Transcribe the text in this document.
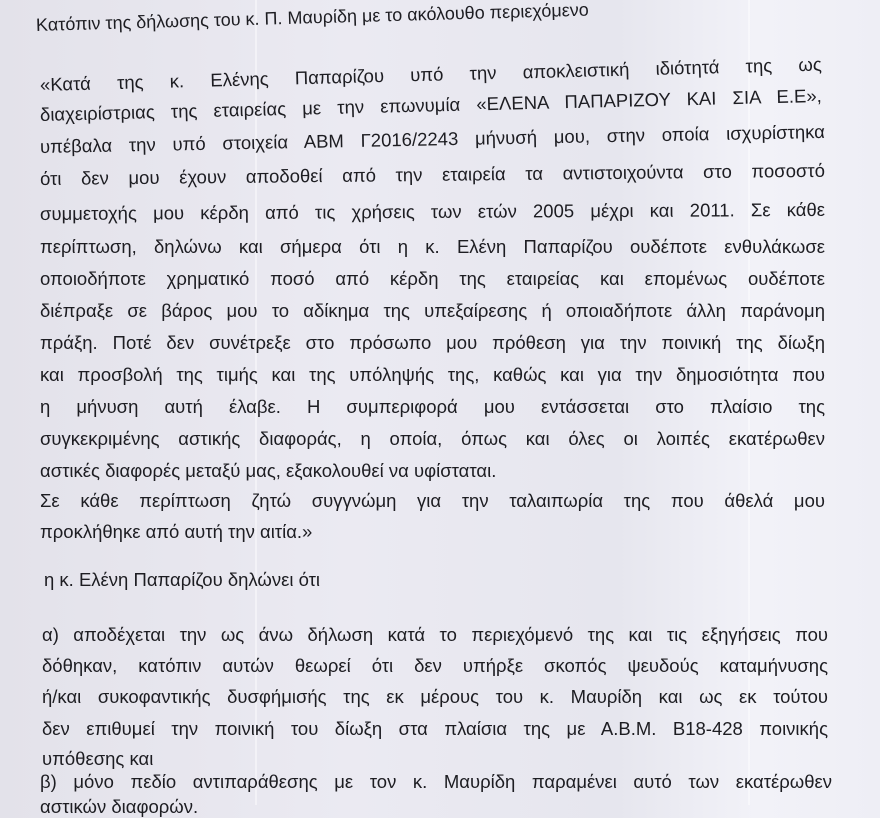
Κατόπιν της δήλωσης του κ. Π. Μαυρίδη με το ακόλουθο περιεχόμενο
«Κατά της κ. Ελένης Παπαρίζου υπό την αποκλειστική ιδιότητά της ως
διαχειρίστριας της εταιρείας με την επωνυμία «ΕΛΕΝΑ ΠΑΠΑΡΙΖΟΥ ΚΑΙ ΣΙΑ Ε.Ε»,
υπέβαλα την υπό στοιχεία ΑΒΜ Γ2016/2243 μήνυσή μου, στην οποία ισχυρίστηκα
ότι δεν μου έχουν αποδοθεί από την εταιρεία τα αντιστοιχούντα στο ποσοστό
συμμετοχής μου κέρδη από τις χρήσεις των ετών 2005 μέχρι και 2011. Σε κάθε
περίπτωση, δηλώνω και σήμερα ότι η κ. Ελένη Παπαρίζου ουδέποτε ενθυλάκωσε
οποιοδήποτε χρηματικό ποσό από κέρδη της εταιρείας και επομένως ουδέποτε
διέπραξε σε βάρος μου το αδίκημα της υπεξαίρεσης ή οποιαδήποτε άλλη παράνομη
πράξη. Ποτέ δεν συνέτρεξε στο πρόσωπο μου πρόθεση για την ποινική της δίωξη
και προσβολή της τιμής και της υπόληψής της, καθώς και για την δημοσιότητα που
η μήνυση αυτή έλαβε. Η συμπεριφορά μου εντάσσεται στο πλαίσιο της
συγκεκριμένης αστικής διαφοράς, η οποία, όπως και όλες οι λοιπές εκατέρωθεν
αστικές διαφορές μεταξύ μας, εξακολουθεί να υφίσταται.
Σε κάθε περίπτωση ζητώ συγγνώμη για την ταλαιπωρία της που άθελά μου
προκλήθηκε από αυτή την αιτία.»
η κ. Ελένη Παπαρίζου δηλώνει ότι
α) αποδέχεται την ως άνω δήλωση κατά το περιεχόμενό της και τις εξηγήσεις που
δόθηκαν, κατόπιν αυτών θεωρεί ότι δεν υπήρξε σκοπός ψευδούς καταμήνυσης
ή/και συκοφαντικής δυσφήμισής της εκ μέρους του κ. Μαυρίδη και ως εκ τούτου
δεν επιθυμεί την ποινική του δίωξη στα πλαίσια της με Α.Β.Μ. Β18-428 ποινικής
υπόθεσης και
β) μόνο πεδίο αντιπαράθεσης με τον κ. Μαυρίδη παραμένει αυτό των εκατέρωθεν
αστικών διαφορών.
